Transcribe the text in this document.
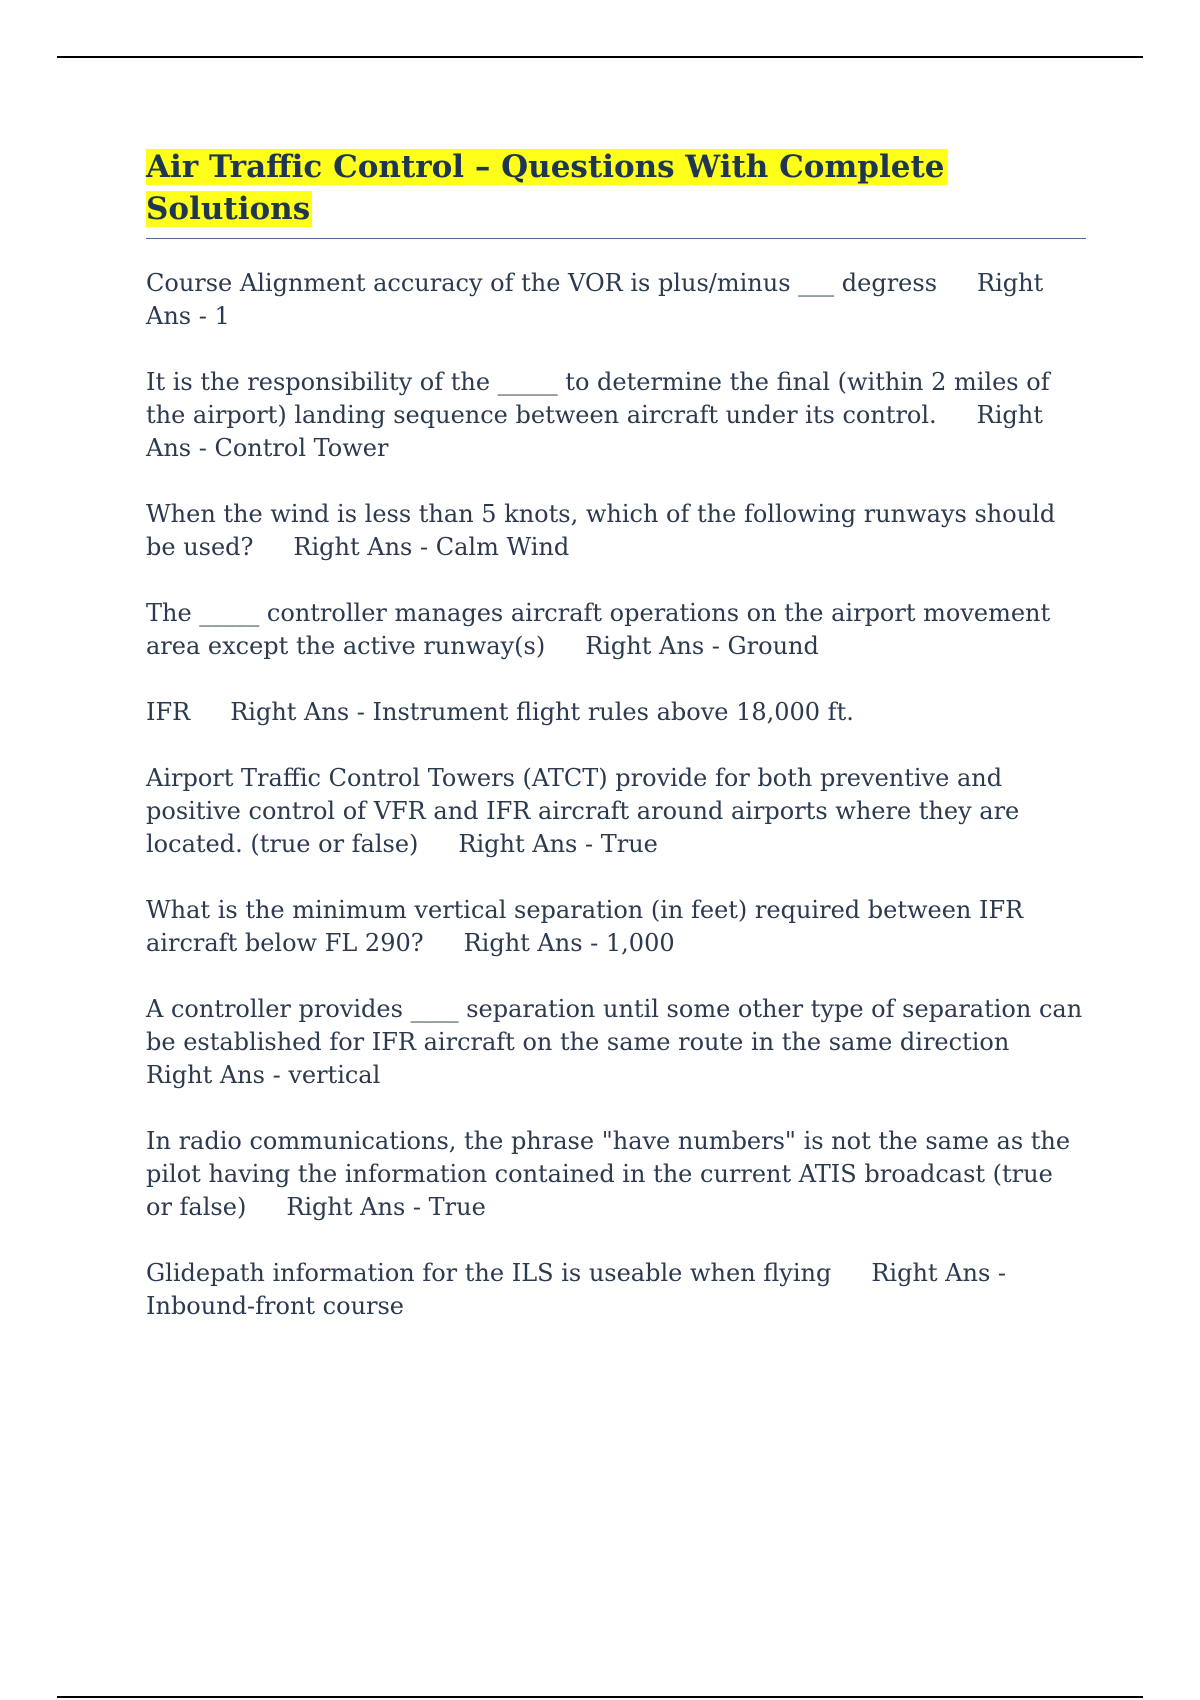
Air Traffic Control – Questions With Complete Solutions

Course Alignment accuracy of the VOR is plus/minus ___ degress Right Ans - 1

It is the responsibility of the _____ to determine the final (within 2 miles of the airport) landing sequence between aircraft under its control. Right Ans - Control Tower

When the wind is less than 5 knots, which of the following runways should be used? Right Ans - Calm Wind

The _____ controller manages aircraft operations on the airport movement area except the active runway(s) Right Ans - Ground

IFR Right Ans - Instrument flight rules above 18,000 ft.

Airport Traffic Control Towers (ATCT) provide for both preventive and positive control of VFR and IFR aircraft around airports where they are located. (true or false) Right Ans - True

What is the minimum vertical separation (in feet) required between IFR aircraft below FL 290? Right Ans - 1,000

A controller provides ____ separation until some other type of separation can be established for IFR aircraft on the same route in the same directionRight Ans - vertical

In radio communications, the phrase "have numbers" is not the same as the pilot having the information contained in the current ATIS broadcast (true or false) Right Ans - True

Glidepath information for the ILS is useable when flying Right Ans - Inbound-front course
